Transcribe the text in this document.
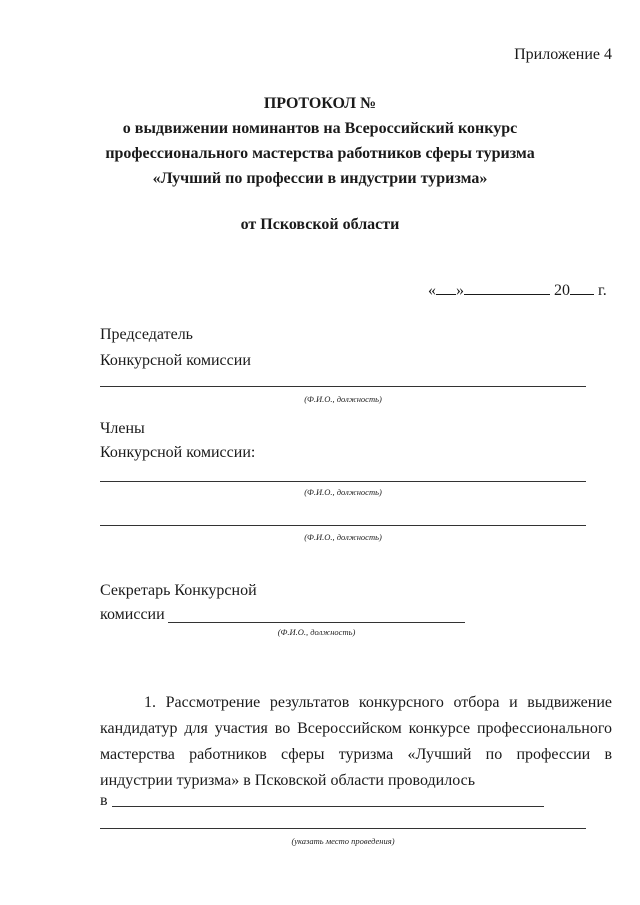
Приложение 4
ПРОТОКОЛ №
о выдвижении номинантов на Всероссийский конкурс
профессионального мастерства работников сферы туризма
«Лучший по профессии в индустрии туризма»
от Псковской области
« »	20 г.
Председатель
Конкурсной комиссии
(Ф.И.О., должность)
Члены
Конкурсной комиссии:
(Ф.И.О., должность)
(Ф.И.О., должность)
Секретарь Конкурсной
комиссии
(Ф.И.О., должность)
1. Рассмотрение результатов конкурсного отбора и выдвижение кандидатур для участия во Всероссийском конкурсе профессионального мастерства работников сферы туризма «Лучший по профессии в индустрии туризма» в Псковской области проводилось
в
(указать место проведения)
